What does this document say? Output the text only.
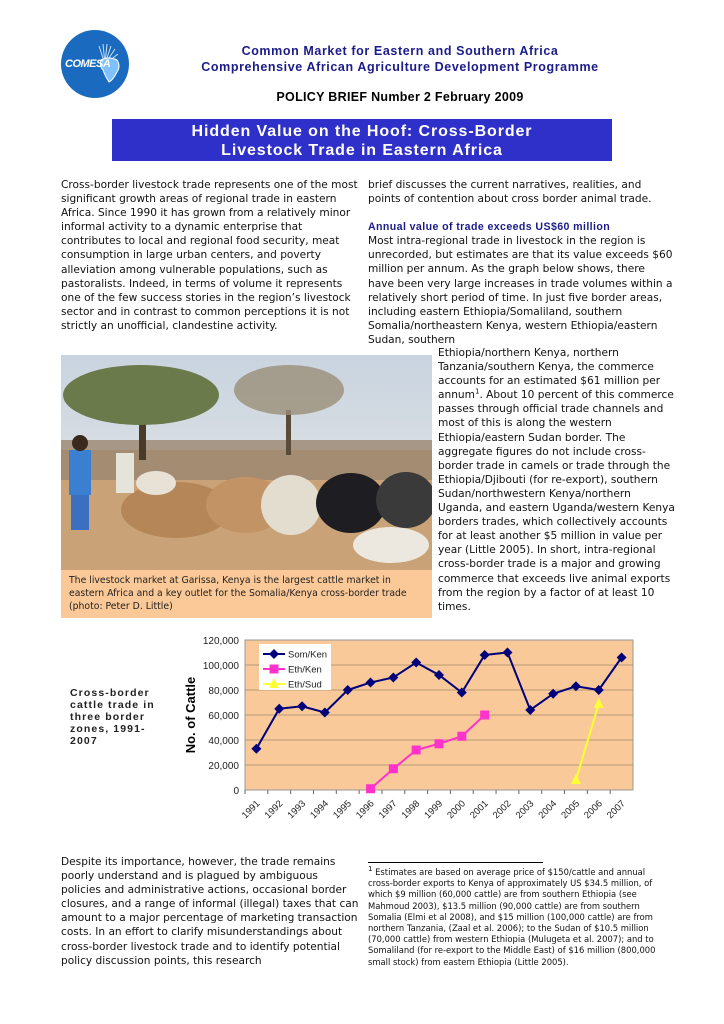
COMESA
Common Market for Eastern and Southern Africa
Comprehensive African Agriculture Development Programme
POLICY BRIEF Number 2 February 2009
Hidden Value on the Hoof: Cross-Border
Livestock Trade in Eastern Africa
Cross-border livestock trade represents one of the most significant growth areas of regional trade in eastern Africa. Since 1990 it has grown from a relatively minor informal activity to a dynamic enterprise that contributes to local and regional food security, meat consumption in large urban centers, and poverty alleviation among vulnerable populations, such as pastoralists. Indeed, in terms of volume it represents one of the few success stories in the region’s livestock sector and in contrast to common perceptions it is not strictly an unofficial, clandestine activity.
brief discusses the current narratives, realities, and points of contention about cross border animal trade.
Annual value of trade exceeds US$60 million
Most intra-regional trade in livestock in the region is unrecorded, but estimates are that its value exceeds $60 million per annum. As the graph below shows, there have been very large increases in trade volumes within a relatively short period of time. In just five border areas, including eastern Ethiopia/Somaliland, southern Somalia/northeastern Kenya, western Ethiopia/eastern Sudan, southern
Ethiopia/northern Kenya, northern Tanzania/southern Kenya, the commerce accounts for an estimated $61 million per annum$^1$. About 10 percent of this commerce passes through official trade channels and most of this is along the western Ethiopia/eastern Sudan border. The aggregate figures do not include cross-border trade in camels or trade through the Ethiopia/Djibouti (for re-export), southern Sudan/northwestern Kenya/northern Uganda, and eastern Uganda/western Kenya borders trades, which collectively accounts for at least another $5 million in value per year (Little 2005). In short, intra-regional cross-border trade is a major and growing commerce that exceeds live animal exports from the region by a factor of at least 10 times.
The livestock market at Garissa, Kenya is the largest cattle market in eastern Africa and a key outlet for the Somalia/Kenya cross-border trade (photo: Peter D. Little)
Cross-border cattle trade in three border zones, 1991-2007
0
20,000
40,000
60,000
80,000
100,000
120,000
1991 1992 1993 1994 1995 1996 1997 1998 1999 2000 2001 2002 2003 2004 2005 2006 2007
No. of Cattle
Som/Ken
Eth/Ken
Eth/Sud
Despite its importance, however, the trade remains poorly understand and is plagued by ambiguous policies and administrative actions, occasional border closures, and a range of informal (illegal) taxes that can amount to a major percentage of marketing transaction costs. In an effort to clarify misunderstandings about cross-border livestock trade and to identify potential policy discussion points, this research
$^1$ Estimates are based on average price of $150/cattle and annual cross-border exports to Kenya of approximately US $34.5 million, of which $9 million (60,000 cattle) are from southern Ethiopia (see Mahmoud 2003), $13.5 million (90,000 cattle) are from southern Somalia (Elmi et al 2008), and $15 million (100,000 cattle) are from northern Tanzania, (Zaal et al. 2006); to the Sudan of $10.5 million (70,000 cattle) from western Ethiopia (Mulugeta et al. 2007); and to Somaliland (for re-export to the Middle East) of $16 million (800,000 small stock) from eastern Ethiopia (Little 2005).
